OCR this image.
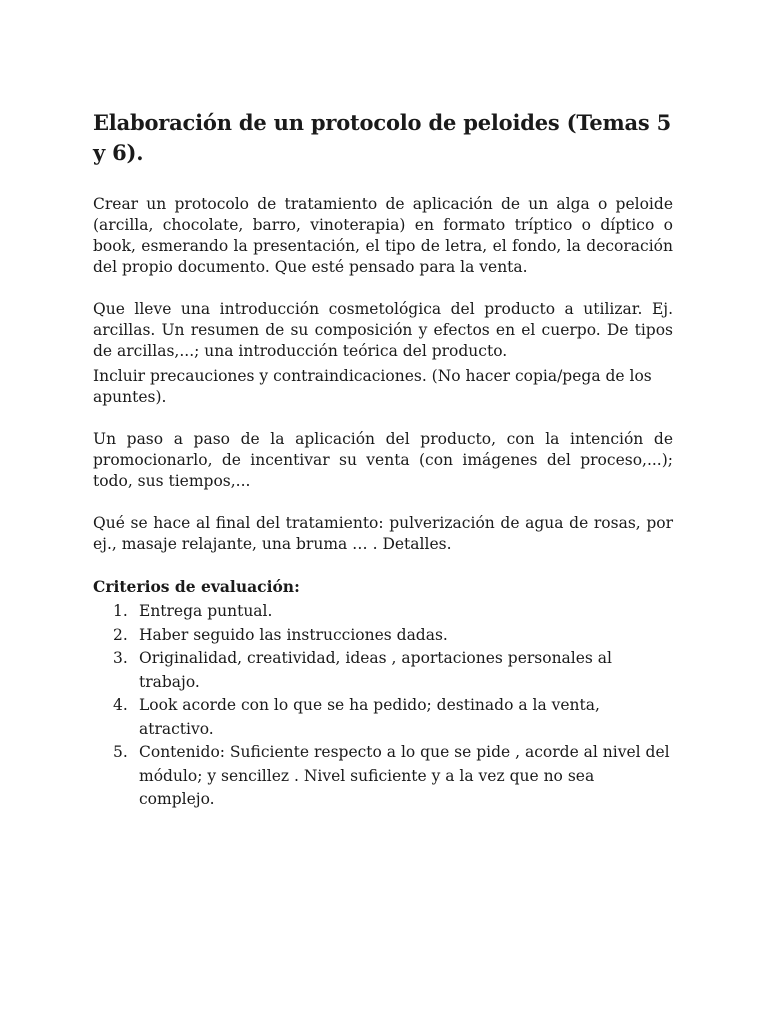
Elaboración de un protocolo de peloides (Temas 5 y 6).

Crear un protocolo de tratamiento de aplicación de un alga o peloide (arcilla, chocolate, barro, vinoterapia) en formato tríptico o díptico o book, esmerando la presentación, el tipo de letra, el fondo, la decoración del propio documento. Que esté pensado para la venta.

Que lleve una introducción cosmetológica del producto a utilizar. Ej. arcillas. Un resumen de su composición y efectos en el cuerpo. De tipos de arcillas,...; una introducción teórica del producto.

Incluir precauciones y contraindicaciones. (No hacer copia/pega de los apuntes).

Un paso a paso de la aplicación del producto, con la intención de promocionarlo, de incentivar su venta (con imágenes del proceso,...); todo, sus tiempos,...

Qué se hace al final del tratamiento: pulverización de agua de rosas, por ej., masaje relajante, una bruma … . Detalles.

Criterios de evaluación:
1. Entrega puntual.
2. Haber seguido las instrucciones dadas.
3. Originalidad, creatividad, ideas , aportaciones personales al trabajo.
4. Look acorde con lo que se ha pedido; destinado a la venta, atractivo.
5. Contenido: Suficiente respecto a lo que se pide , acorde al nivel del módulo; y sencillez . Nivel suficiente y a la vez que no sea complejo.
